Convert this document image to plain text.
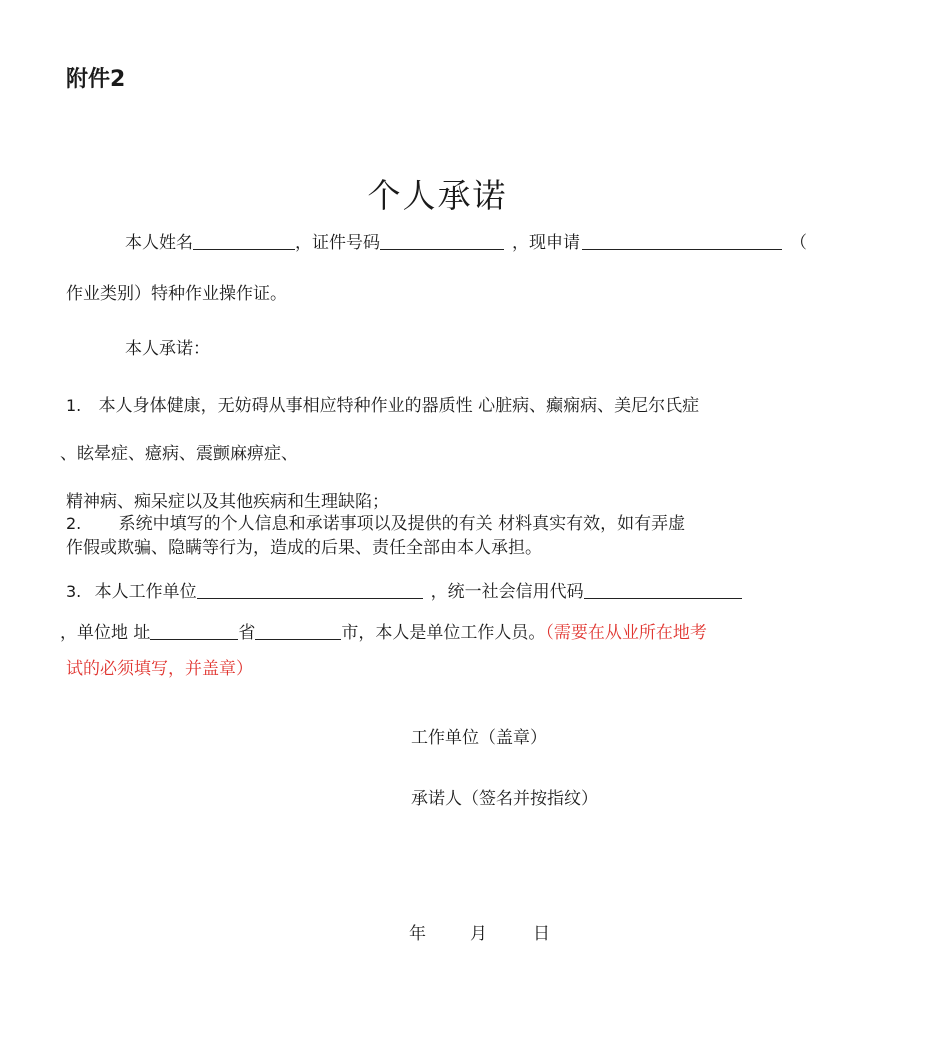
附件2
个人承诺
本人姓名	，证件号码	，现申请	（
作业类别）特种作业操作证。
本人承诺：
1. 本人身体健康，无妨碍从事相应特种作业的器质性 心脏病、癫痫病、美尼尔氏症
、眩晕症、癔病、震颤麻痹症、
精神病、痴呆症以及其他疾病和生理缺陷；
2. 系统中填写的个人信息和承诺事项以及提供的有关 材料真实有效，如有弄虚
作假或欺骗、隐瞒等行为，造成的后果、责任全部由本人承担。
3. 本人工作单位	，统一社会信用代码
，单位地 址	省	市，本人是单位工作人员。（需要在从业所在地考
试的必须填写，并盖章）
工作单位（盖章）
承诺人（签名并按指纹）
年	月	日
